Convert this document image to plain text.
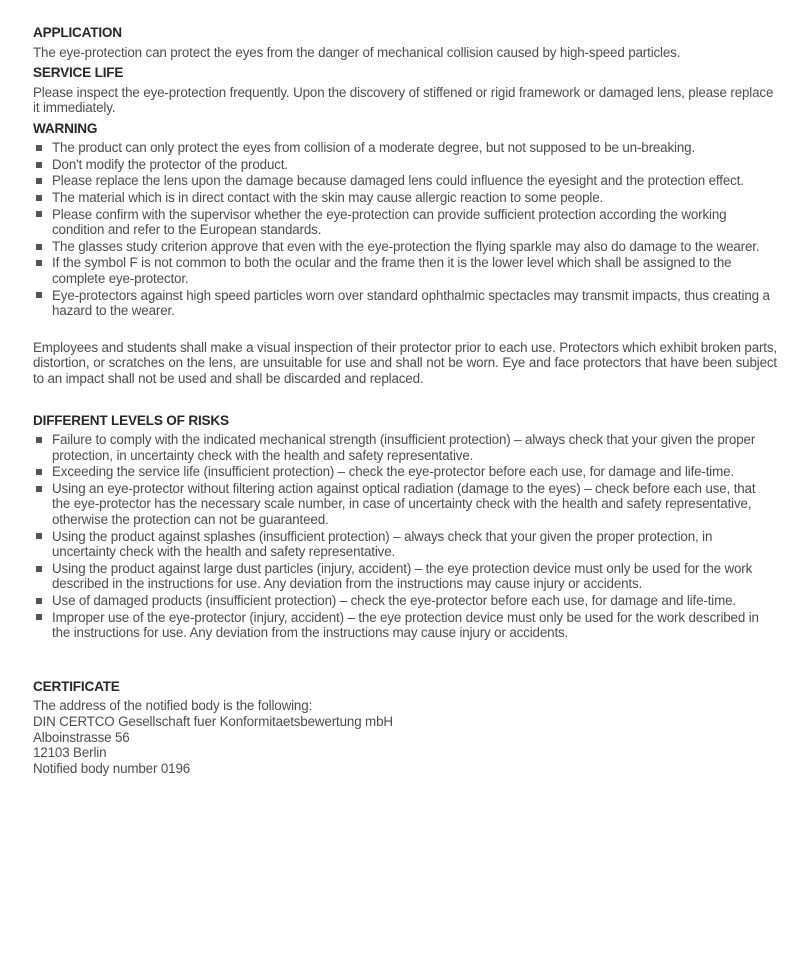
APPLICATION

The eye-protection can protect the eyes from the danger of mechanical collision caused by high-speed particles.

SERVICE LIFE

Please inspect the eye-protection frequently. Upon the discovery of stiffened or rigid framework or damaged lens, please replace it immediately.

WARNING
The product can only protect the eyes from collision of a moderate degree, but not supposed to be un-breaking.
Don't modify the protector of the product.
Please replace the lens upon the damage because damaged lens could influence the eyesight and the protection effect.
The material which is in direct contact with the skin may cause allergic reaction to some people.
Please confirm with the supervisor whether the eye-protection can provide sufficient protection according the working condition and refer to the European standards.
The glasses study criterion approve that even with the eye-protection the flying sparkle may also do damage to the wearer.
If the symbol F is not common to both the ocular and the frame then it is the lower level which shall be assigned to the complete eye-protector.
Eye-protectors against high speed particles worn over standard ophthalmic spectacles may transmit impacts, thus creating a hazard to the wearer.

Employees and students shall make a visual inspection of their protector prior to each use. Protectors which exhibit broken parts, distortion, or scratches on the lens, are unsuitable for use and shall not be worn. Eye and face protectors that have been subject to an impact shall not be used and shall be discarded and replaced.

DIFFERENT LEVELS OF RISKS
Failure to comply with the indicated mechanical strength (insufficient protection) – always check that your given the proper protection, in uncertainty check with the health and safety representative.
Exceeding the service life (insufficient protection) – check the eye-protector before each use, for damage and life-time.
Using an eye-protector without filtering action against optical radiation (damage to the eyes) – check before each use, that the eye-protector has the necessary scale number, in case of uncertainty check with the health and safety representative, otherwise the protection can not be guaranteed.
Using the product against splashes (insufficient protection) – always check that your given the proper protection, in uncertainty check with the health and safety representative.
Using the product against large dust particles (injury, accident) – the eye protection device must only be used for the work described in the instructions for use. Any deviation from the instructions may cause injury or accidents.
Use of damaged products (insufficient protection) – check the eye-protector before each use, for damage and life-time.
Improper use of the eye-protector (injury, accident) – the eye protection device must only be used for the work described in the instructions for use. Any deviation from the instructions may cause injury or accidents.
CERTIFICATE
The address of the notified body is the following:
DIN CERTCO Gesellschaft fuer Konformitaetsbewertung mbH
Alboinstrasse 56
12103 Berlin
Notified body number 0196
